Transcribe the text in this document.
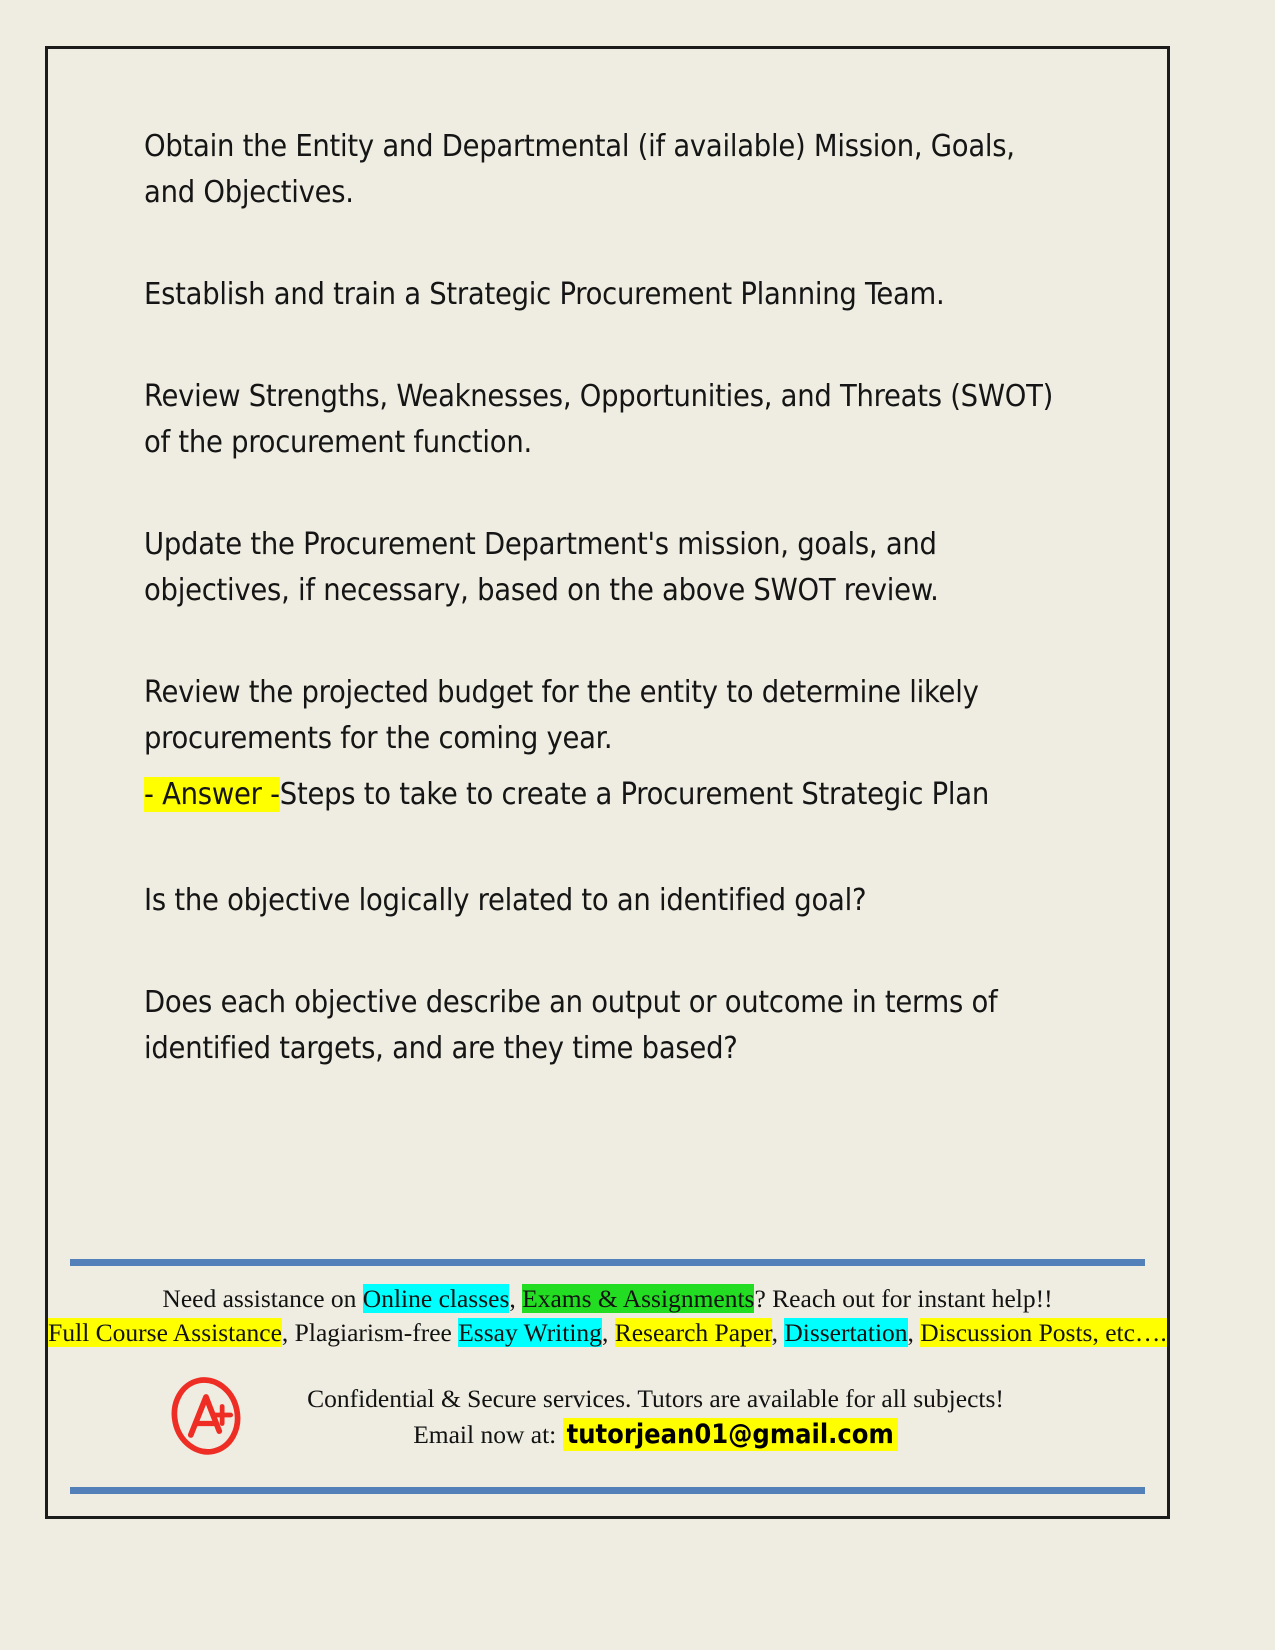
Obtain the Entity and Departmental (if available) Mission, Goals, and Objectives.

Establish and train a Strategic Procurement Planning Team.

Review Strengths, Weaknesses, Opportunities, and Threats (SWOT) of the procurement function.

Update the Procurement Department's mission, goals, and objectives, if necessary, based on the above SWOT review.

Review the projected budget for the entity to determine likely procurements for the coming year.

- Answer -Steps to take to create a Procurement Strategic Plan

Is the objective logically related to an identified goal?

Does each objective describe an output or outcome in terms of identified targets, and are they time based?

Need assistance on Online classes, Exams & Assignments? Reach out for instant help!!
Full Course Assistance, Plagiarism-free Essay Writing, Research Paper, Dissertation, Discussion Posts, etc….
Confidential & Secure services. Tutors are available for all subjects!
Email now at: tutorjean01@gmail.com
